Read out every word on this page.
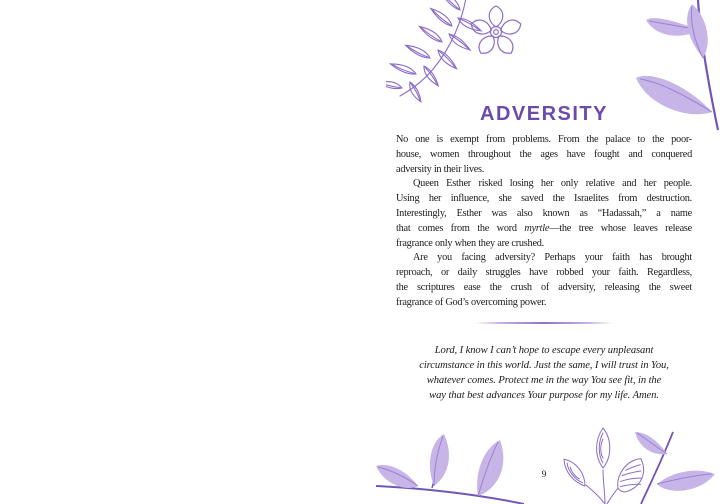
ADVERSITY
No one is exempt from problems. From the palace to the poor-
house, women throughout the ages have fought and conquered
adversity in their lives.
Queen Esther risked losing her only relative and her people.
Using her influence, she saved the Israelites from destruction.
Interestingly, Esther was also known as “Hadassah,” a name
that comes from the word myrtle—the tree whose leaves release
fragrance only when they are crushed.
Are you facing adversity? Perhaps your faith has brought
reproach, or daily struggles have robbed your faith. Regardless,
the scriptures ease the crush of adversity, releasing the sweet
fragrance of God’s overcoming power.
Lord, I know I can’t hope to escape every unpleasant
circumstance in this world. Just the same, I will trust in You,
whatever comes. Protect me in the way You see fit, in the
way that best advances Your purpose for my life. Amen.
9
